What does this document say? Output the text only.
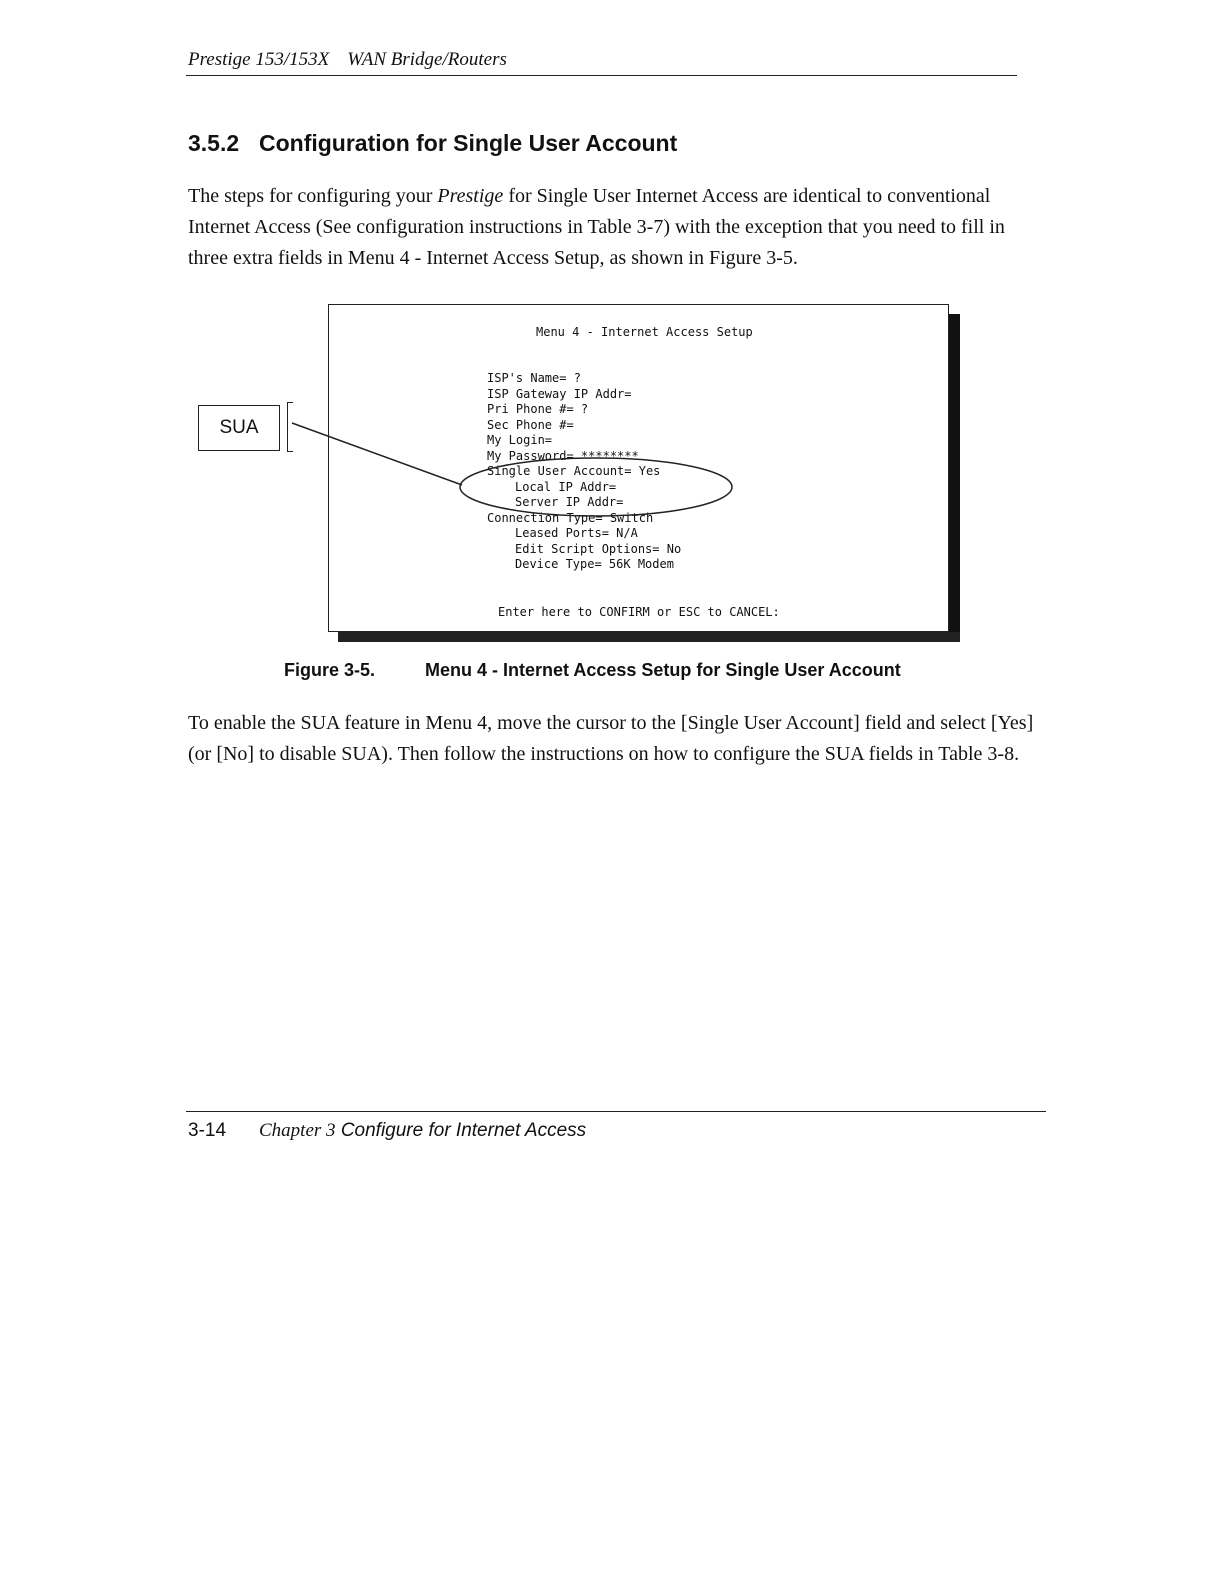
Prestige 153/153X WAN Bridge/Routers
3.5.2 Configuration for Single User Account

The steps for configuring your Prestige for Single User Internet Access are identical to conventional Internet Access (See configuration instructions in Table 3-7) with the exception that you need to fill in three extra fields in Menu 4 - Internet Access Setup, as shown in Figure 3-5.

Menu 4 - Internet Access Setup
ISP's Name= ?
ISP Gateway IP Addr=
Pri Phone #= ?
Sec Phone #=
My Login=
My Password= ********
Single User Account= Yes
Local IP Addr=
Server IP Addr=
Connection Type= Switch
Leased Ports= N/A
Edit Script Options= No
Device Type= 56K Modem
Enter here to CONFIRM or ESC to CANCEL:
SUA
Figure 3-5.	Menu 4 - Internet Access Setup for Single User Account

To enable the SUA feature in Menu 4, move the cursor to the [Single User Account] field and select [Yes] (or [No] to disable SUA). Then follow the instructions on how to configure the SUA fields in Table 3-8.

3-14 Chapter 3 Configure for Internet Access
